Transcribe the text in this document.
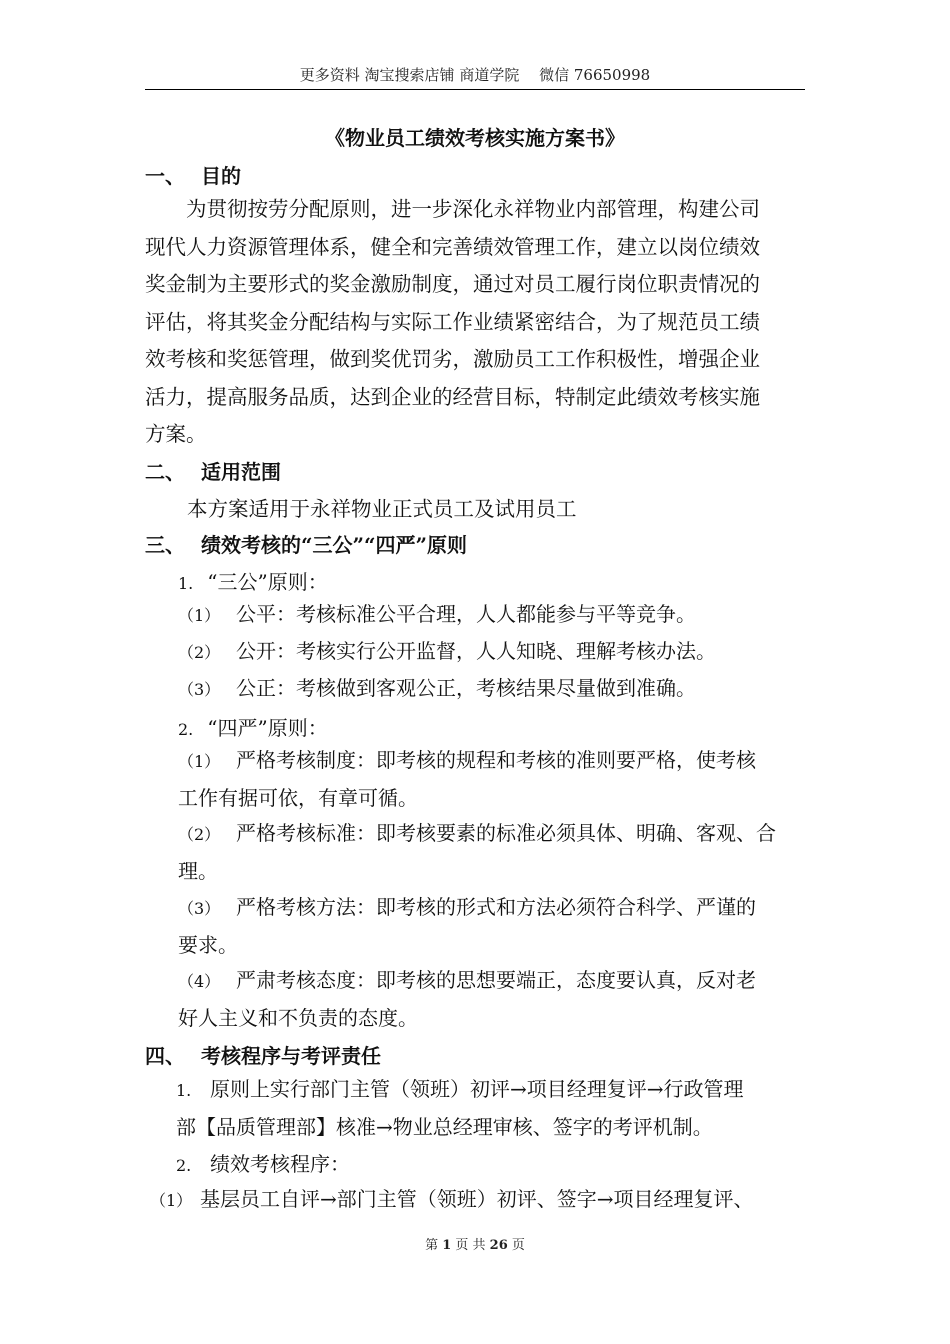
更多资料 淘宝搜索店铺 商道学院　 微信 76650998
《物业员工绩效考核实施方案书》
一、 目的
　　为贯彻按劳分配原则，进一步深化永祥物业内部管理，构建公司
现代人力资源管理体系，健全和完善绩效管理工作，建立以岗位绩效
奖金制为主要形式的奖金激励制度，通过对员工履行岗位职责情况的
评估，将其奖金分配结构与实际工作业绩紧密结合，为了规范员工绩
效考核和奖惩管理，做到奖优罚劣，激励员工工作积极性，增强企业
活力，提高服务品质，达到企业的经营目标，特制定此绩效考核实施
方案。
二、 适用范围
本方案适用于永祥物业正式员工及试用员工
三、 绩效考核的“三公”“四严”原则
1. “三公”原则：
（1） 公平：考核标准公平合理，人人都能参与平等竞争。
（2） 公开：考核实行公开监督，人人知晓、理解考核办法。
（3） 公正：考核做到客观公正，考核结果尽量做到准确。
2. “四严”原则：
（1） 严格考核制度：即考核的规程和考核的准则要严格，使考核
工作有据可依，有章可循。
（2） 严格考核标准：即考核要素的标准必须具体、明确、客观、合
理。
（3） 严格考核方法：即考核的形式和方法必须符合科学、严谨的
要求。
（4） 严肃考核态度：即考核的思想要端正，态度要认真，反对老
好人主义和不负责的态度。
四、 考核程序与考评责任
1. 原则上实行部门主管（领班）初评→项目经理复评→行政管理
部【品质管理部】核准→物业总经理审核、签字的考评机制。
2. 绩效考核程序：
（1） 基层员工自评→部门主管（领班）初评、签字→项目经理复评、
第 1 页 共 26 页
